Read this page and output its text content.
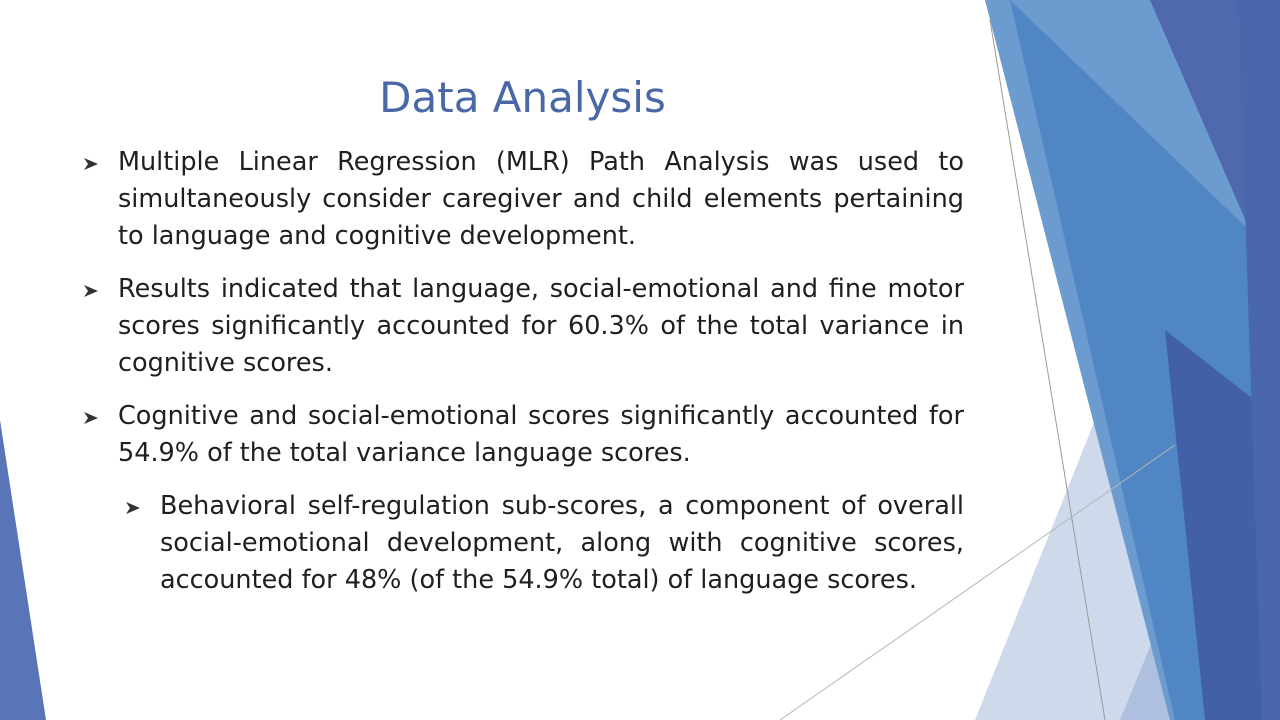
Data Analysis
Multiple Linear Regression (MLR) Path Analysis was used to simultaneously consider caregiver and child elements pertaining to language and cognitive development.
Results indicated that language, social-emotional and fine motor scores significantly accounted for 60.3% of the total variance in cognitive scores.
Cognitive and social-emotional scores significantly accounted for 54.9% of the total variance language scores.
Behavioral self-regulation sub-scores, a component of overall social-emotional development, along with cognitive scores, accounted for 48% (of the 54.9% total) of language scores.
